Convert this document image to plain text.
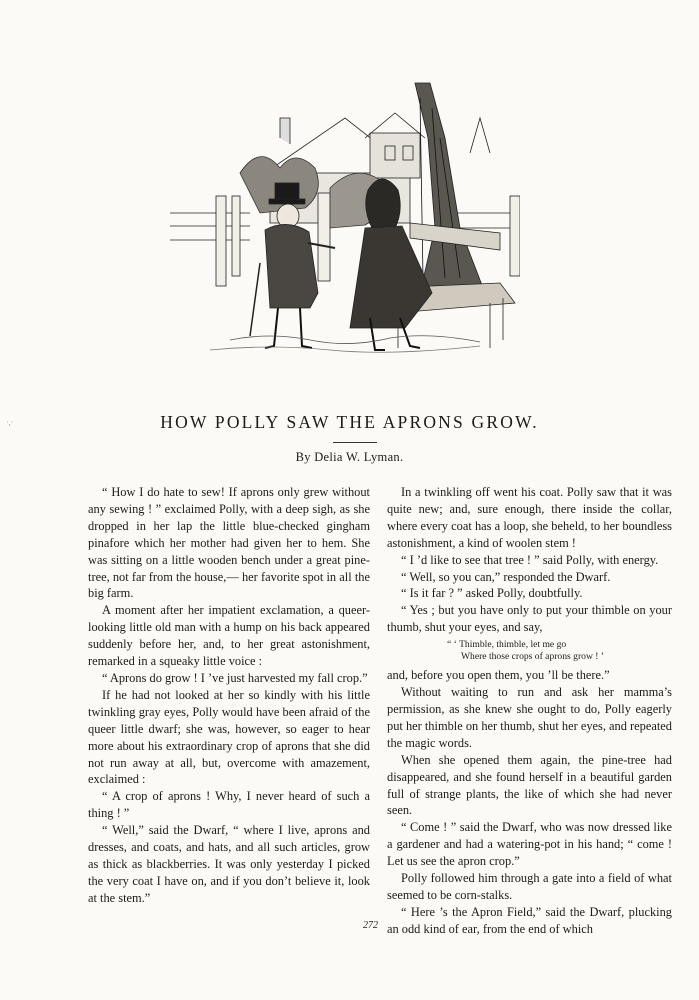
·,·	HOW POLLY SAW THE APRONS GROW.
By Delia W. Lyman.

“ How I do hate to sew! If aprons only grew without any sewing ! ” exclaimed Polly, with a deep sigh, as she dropped in her lap the little blue-checked gingham pinafore which her mother had given her to hem. She was sitting on a little wooden bench under a great pine-tree, not far from the house,— her favorite spot in all the big farm.

A moment after her impatient exclamation, a queer-looking little old man with a hump on his back appeared suddenly before her, and, to her great astonishment, remarked in a squeaky little voice :

“ Aprons do grow ! I ’ve just harvested my fall crop.”

If he had not looked at her so kindly with his little twinkling gray eyes, Polly would have been afraid of the queer little dwarf; she was, however, so eager to hear more about his extraordinary crop of aprons that she did not run away at all, but, overcome with amazement, exclaimed :

“ A crop of aprons ! Why, I never heard of such a thing ! ”

“ Well,” said the Dwarf, “ where I live, aprons and dresses, and coats, and hats, and all such articles, grow as thick as blackberries. It was only yesterday I picked the very coat I have on, and if you don’t believe it, look at the stem.”

In a twinkling off went his coat. Polly saw that it was quite new; and, sure enough, there inside the collar, where every coat has a loop, she beheld, to her boundless astonishment, a kind of woolen stem !

“ I ’d like to see that tree ! ” said Polly, with energy.

“ Well, so you can,” responded the Dwarf.

“ Is it far ? ” asked Polly, doubtfully.

“ Yes ; but you have only to put your thimble on your thumb, shut your eyes, and say,

“ ‘ Thimble, thimble, let me go
Where those crops of aprons grow ! ’

and, before you open them, you ’ll be there.”

Without waiting to run and ask her mamma’s permission, as she knew she ought to do, Polly eagerly put her thimble on her thumb, shut her eyes, and repeated the magic words.

When she opened them again, the pine-tree had disappeared, and she found herself in a beautiful garden full of strange plants, the like of which she had never seen.

“ Come ! ” said the Dwarf, who was now dressed like a gardener and had a watering-pot in his hand; “ come ! Let us see the apron crop.”

Polly followed him through a gate into a field of what seemed to be corn-stalks.

“ Here ’s the Apron Field,” said the Dwarf, plucking an odd kind of ear, from the end of which

272
